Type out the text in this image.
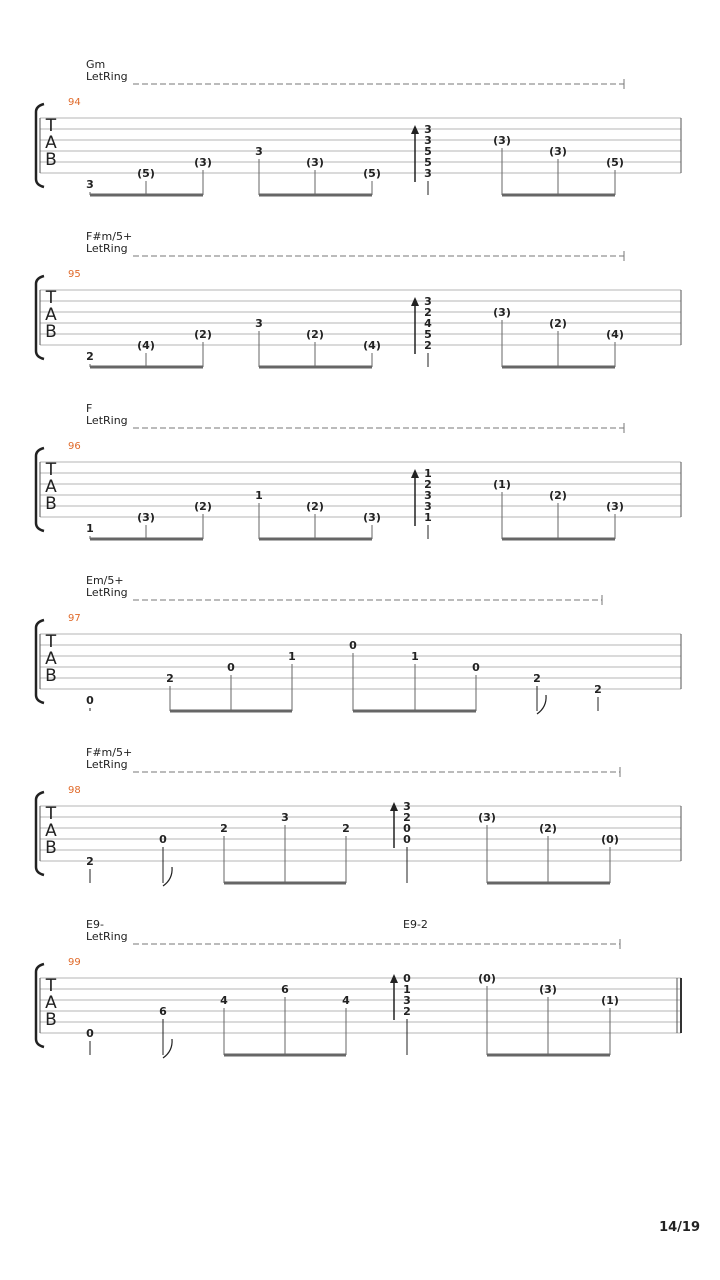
Gm
LetRing
94
T
A
B
3
(5)
(3)
3
(3)
(5)
3
3
5
5
3
(3)
(3)
(5)
F#m/5+
LetRing
95
T
A
B
2
(4)
(2)
3
(2)
(4)
3
2
4
5
2
(3)
(2)
(4)
F
LetRing
96
T
A
B
1
(3)
(2)
1
(2)
(3)
1
2
3
3
1
(1)
(2)
(3)
Em/5+
LetRing
97
T
A
B
0
2
0
1
0
1
0
2
2
F#m/5+
LetRing
98
T
A
B
2
0
2
3
2
3
2
0
0
(3)
(2)
(0)
E9-
LetRing
E9-2
99
T
A
B
0
6
4
6
4
0
1
3
2
(0)
(3)
(1)
14/19
